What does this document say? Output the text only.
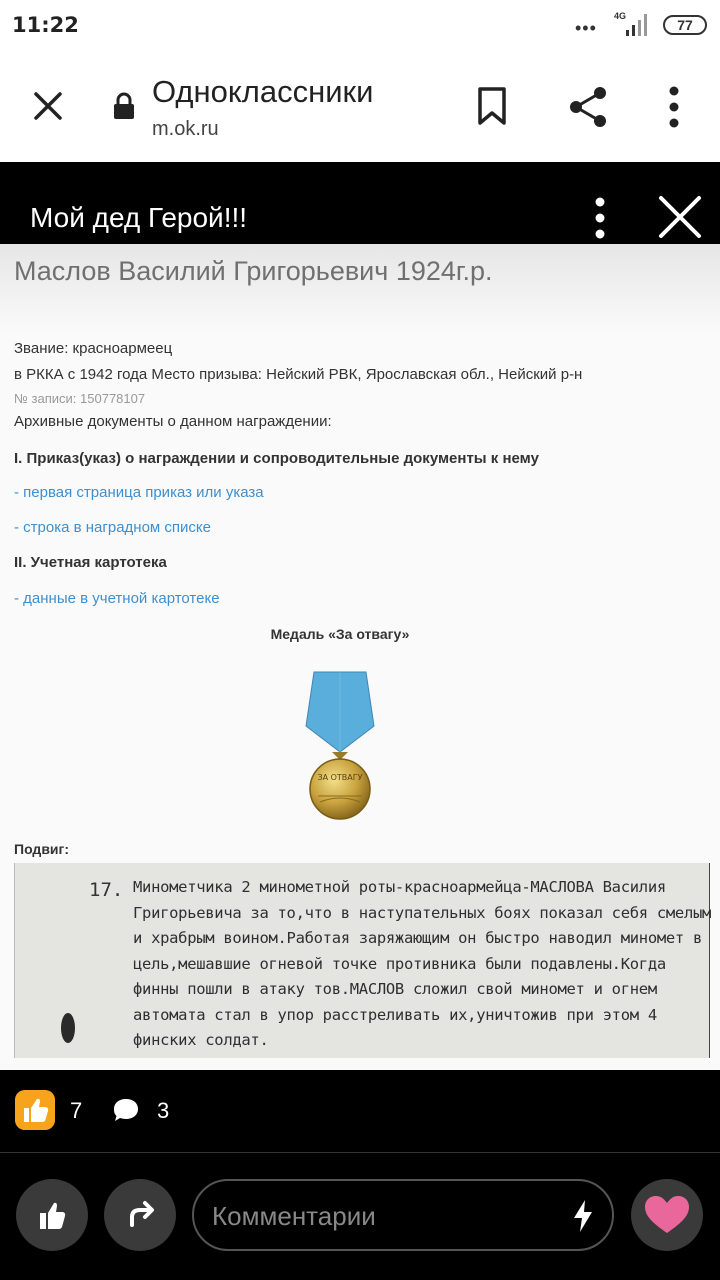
11:22	•••
4G
77
Одноклассники
m.ok.ru
Мой дед Герой!!!
Маслов Василий Григорьевич 1924г.р.
Звание: красноармеец
в РККА с 1942 года Место призыва: Нейский РВК, Ярославская обл., Нейский р-н
№ записи: 150778107
Архивные документы о данном награждении:
I. Приказ(указ) о награждении и сопроводительные документы к нему
- первая страница приказ или указа
- строка в наградном списке
II. Учетная картотека
- данные в учетной картотеке
Медаль «За отвагу»
ЗА ОТВАГУ
Подвиг:
17. Минометчика 2 минометной роты-красноармейца-МАСЛОВА Василия Григорьевича за то,что в наступательных боях показал себя смелым и храбрым воином.Работая заряжающим он быстро наводил миномет в цель,мешавшие огневой точке противника были подавлены.Когда финны пошли в атаку тов.МАСЛОВ сложил свой миномет и огнем автомата стал в упор расстреливать их,уничтожив при этом 4 финских солдат.
7	3
Комментарии
